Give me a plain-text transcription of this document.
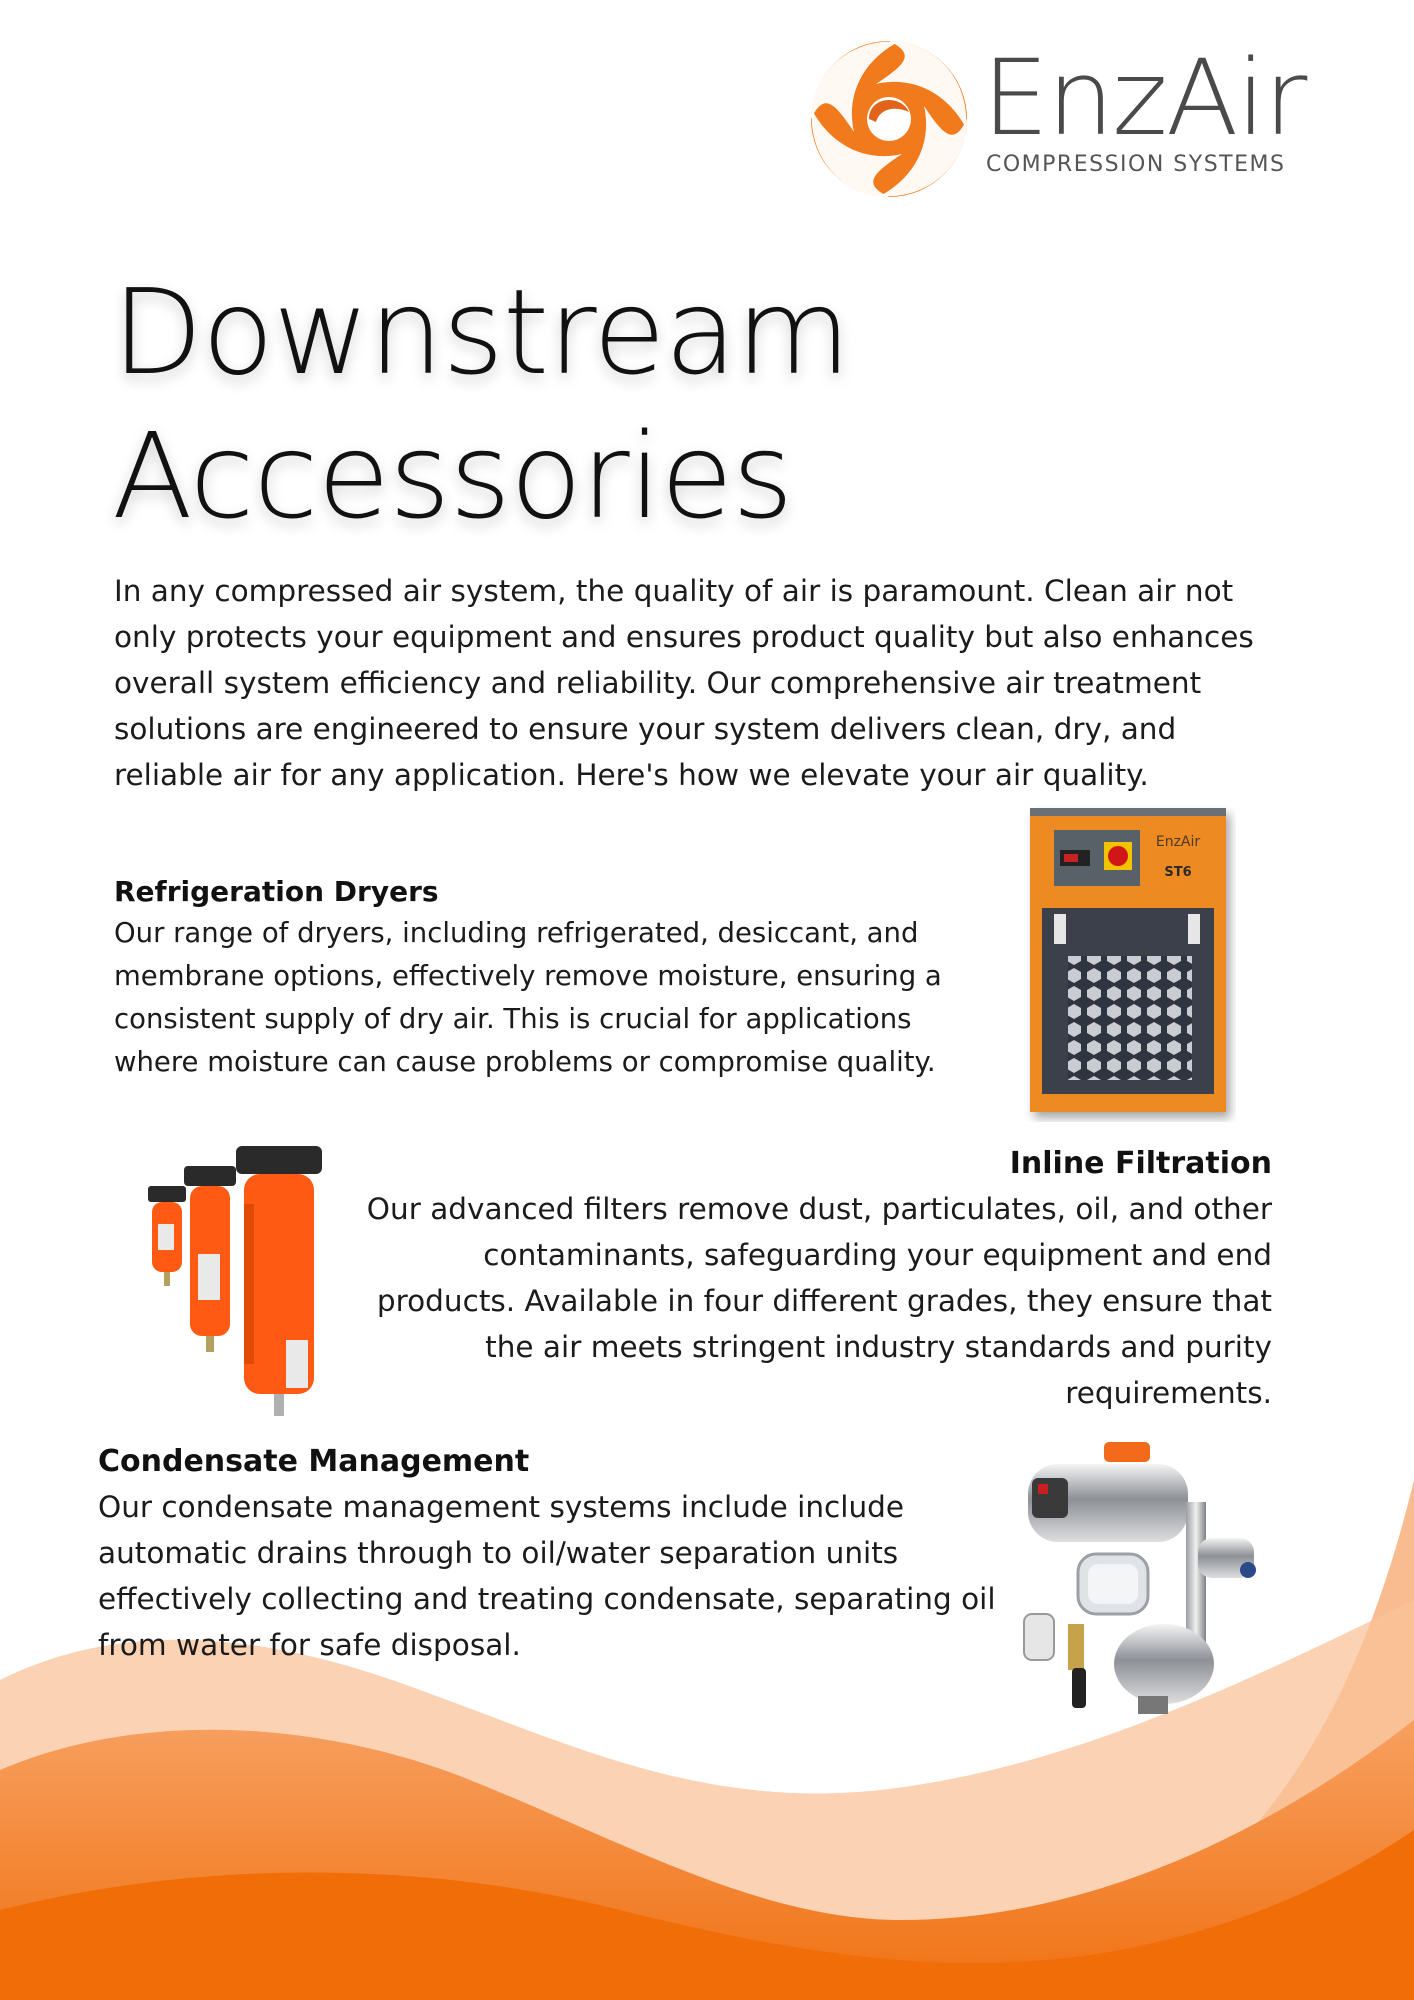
EnzAir
COMPRESSION SYSTEMS
Downstream
Accessories

In any compressed air system, the quality of air is paramount. Clean air not only protects your equipment and ensures product quality but also enhances overall system efficiency and reliability. Our comprehensive air treatment solutions are engineered to ensure your system delivers clean, dry, and reliable air for any application. Here's how we elevate your air quality.

Refrigeration Dryers

Our range of dryers, including refrigerated, desiccant, and membrane options, effectively remove moisture, ensuring a consistent supply of dry air. This is crucial for applications where moisture can cause problems or compromise quality.

EnzAir
ST6
Inline Filtration

Our advanced filters remove dust, particulates, oil, and other contaminants, safeguarding your equipment and end products. Available in four different grades, they ensure that the air meets stringent industry standards and purity requirements.

Condensate Management

Our condensate management systems include include automatic drains through to oil/water separation units effectively collecting and treating condensate, separating oil from water for safe disposal.
